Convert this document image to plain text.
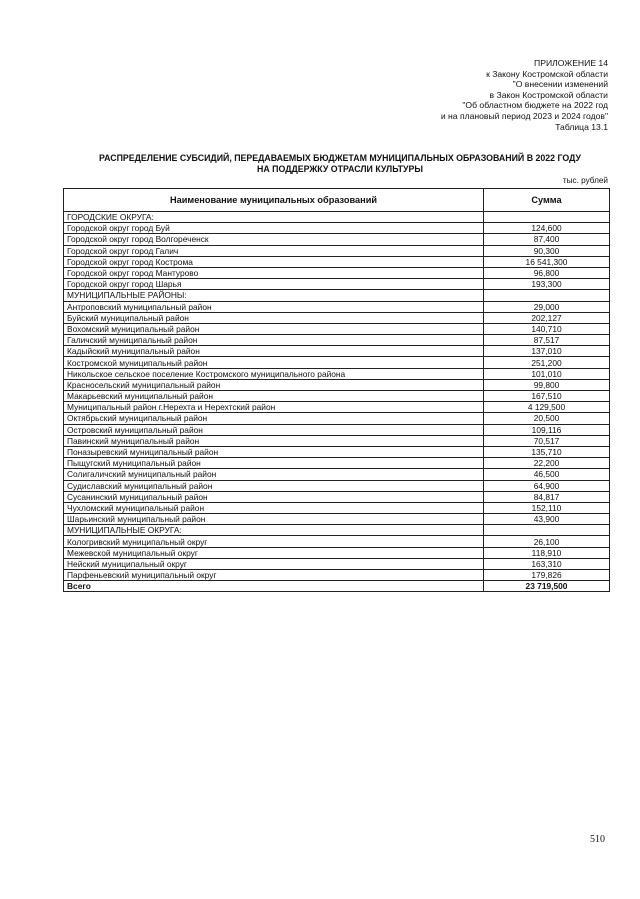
ПРИЛОЖЕНИЕ 14
к Закону Костромской области
"О внесении изменений
в Закон Костромской области
"Об областном бюджете на 2022 год
и на плановый период 2023 и 2024 годов"
Таблица 13.1
РАСПРЕДЕЛЕНИЕ СУБСИДИЙ, ПЕРЕДАВАЕМЫХ БЮДЖЕТАМ МУНИЦИПАЛЬНЫХ ОБРАЗОВАНИЙ В 2022 ГОДУ
НА ПОДДЕРЖКУ ОТРАСЛИ КУЛЬТУРЫ
тыс. рублей
Наименование муниципальных образований	Сумма
ГОРОДСКИЕ ОКРУГА:	
Городской округ город Буй	124,600
Городской округ город Волгореченск	87,400
Городской округ город Галич	90,300
Городской округ город Кострома	16 541,300
Городской округ город Мантурово	96,800
Городской округ город Шарья	193,300
МУНИЦИПАЛЬНЫЕ РАЙОНЫ:	
Антроповский муниципальный район	29,000
Буйский муниципальный район	202,127
Вохомский муниципальный район	140,710
Галичский муниципальный район	87,517
Кадыйский муниципальный район	137,010
Костромской муниципальный район	251,200
Никольское сельское поселение Костромского муниципального района	101,010
Красносельский муниципальный район	99,800
Макарьевский муниципальный район	167,510
Муниципальный район г.Нерехта и Нерехтский район	4 129,500
Октябрьский муниципальный район	20,500
Островский муниципальный район	109,116
Павинский муниципальный район	70,517
Поназыревский муниципальный район	135,710
Пыщугский муниципальный район	22,200
Солигаличский муниципальный район	46,500
Судиславский муниципальный район	64,900
Сусанинский муниципальный район	84,817
Чухломский муниципальный район	152,110
Шарьинский муниципальный район	43,900
МУНИЦИПАЛЬНЫЕ ОКРУГА:	
Кологривский муниципальный округ	26,100
Межевской муниципальный округ	118,910
Нейский муниципальный округ	163,310
Парфеньевский муниципальный округ	179,826
Всего	23 719,500
510
